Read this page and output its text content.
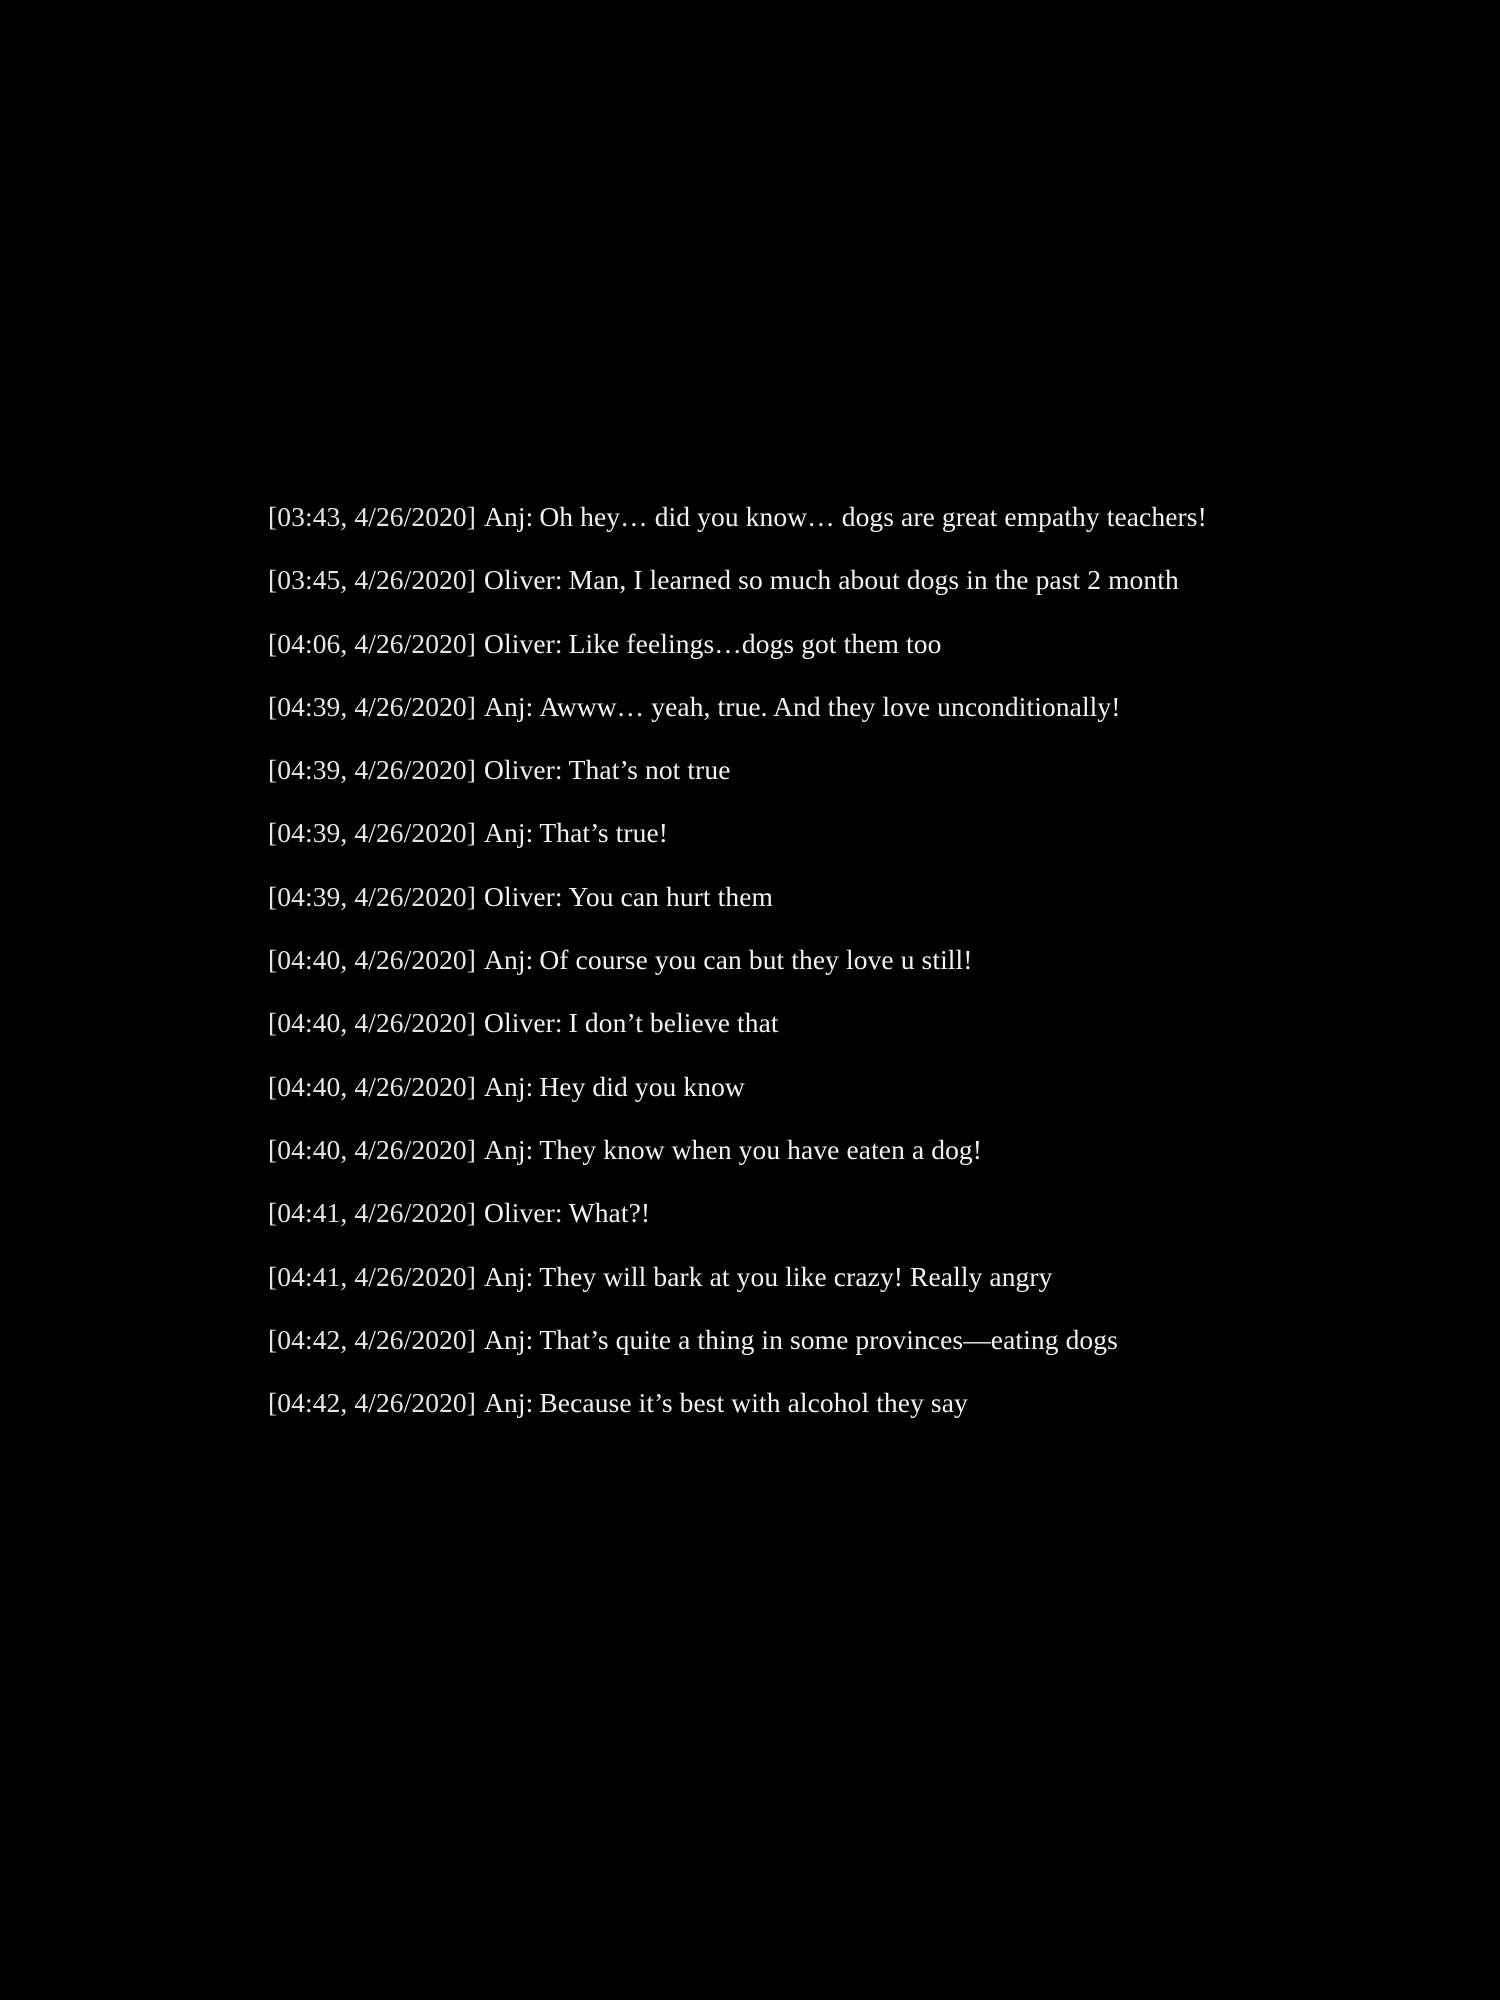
[03:43, 4/26/2020] Anj: Oh hey… did you know… dogs are great empathy teachers!
[03:45, 4/26/2020] Oliver: Man, I learned so much about dogs in the past 2 month
[04:06, 4/26/2020] Oliver: Like feelings…dogs got them too
[04:39, 4/26/2020] Anj: Awww… yeah, true. And they love unconditionally!
[04:39, 4/26/2020] Oliver: That’s not true
[04:39, 4/26/2020] Anj: That’s true!
[04:39, 4/26/2020] Oliver: You can hurt them
[04:40, 4/26/2020] Anj: Of course you can but they love u still!
[04:40, 4/26/2020] Oliver: I don’t believe that
[04:40, 4/26/2020] Anj: Hey did you know
[04:40, 4/26/2020] Anj: They know when you have eaten a dog!
[04:41, 4/26/2020] Oliver: What?!
[04:41, 4/26/2020] Anj: They will bark at you like crazy! Really angry
[04:42, 4/26/2020] Anj: That’s quite a thing in some provinces—eating dogs
[04:42, 4/26/2020] Anj: Because it’s best with alcohol they say
